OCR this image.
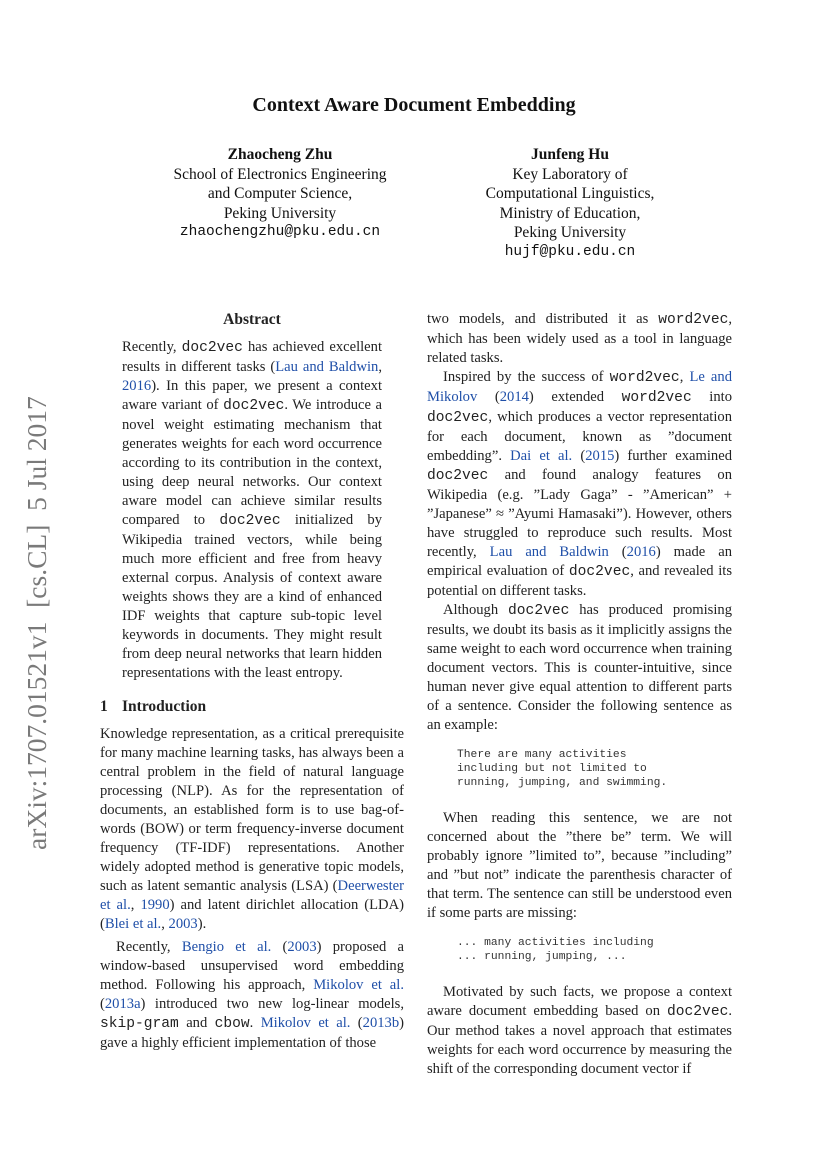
Context Aware Document Embedding
Zhaocheng Zhu
School of Electronics Engineering
and Computer Science,
Peking University
zhaochengzhu@pku.edu.cn
Junfeng Hu
Key Laboratory of
Computational Linguistics,
Ministry of Education,
Peking University
hujf@pku.edu.cn
arXiv:1707.01521v1  [cs.CL]  5 Jul 2017
Abstract
Recently, doc2vec has achieved excellent results in different tasks (Lau and Baldwin, 2016). In this paper, we present a context aware variant of doc2vec. We introduce a novel weight estimating mechanism that generates weights for each word occurrence according to its contribution in the context, using deep neural networks. Our context aware model can achieve similar results compared to doc2vec initialized by Wikipedia trained vectors, while being much more efficient and free from heavy external corpus. Analysis of context aware weights shows they are a kind of enhanced IDF weights that capture sub-topic level keywords in documents. They might result from deep neural networks that learn hidden representations with the least entropy.
1 Introduction

Knowledge representation, as a critical prerequisite for many machine learning tasks, has always been a central problem in the field of natural language processing (NLP). As for the representation of documents, an established form is to use bag-of-words (BOW) or term frequency-inverse document frequency (TF-IDF) representations. Another widely adopted method is generative topic models, such as latent semantic analysis (LSA) (Deerwester et al., 1990) and latent dirichlet allocation (LDA) (Blei et al., 2003).

Recently, Bengio et al. (2003) proposed a window-based unsupervised word embedding method. Following his approach, Mikolov et al. (2013a) introduced two new log-linear models, skip-gram and cbow. Mikolov et al. (2013b) gave a highly efficient implementation of those

two models, and distributed it as word2vec, which has been widely used as a tool in language related tasks.

Inspired by the success of word2vec, Le and Mikolov (2014) extended word2vec into doc2vec, which produces a vector representation for each document, known as ”document embedding”. Dai et al. (2015) further examined doc2vec and found analogy features on Wikipedia (e.g. ”Lady Gaga” - ”American” + ”Japanese” ≈ ”Ayumi Hamasaki”). However, others have struggled to reproduce such results. Most recently, Lau and Baldwin (2016) made an empirical evaluation of doc2vec, and revealed its potential on different tasks.

Although doc2vec has produced promising results, we doubt its basis as it implicitly assigns the same weight to each word occurrence when training document vectors. This is counter-intuitive, since human never give equal attention to different parts of a sentence. Consider the following sentence as an example:

There are many activities
including but not limited to
running, jumping, and swimming.

When reading this sentence, we are not concerned about the ”there be” term. We will probably ignore ”limited to”, because ”including” and ”but not” indicate the parenthesis character of that term. The sentence can still be understood even if some parts are missing:

... many activities including
... running, jumping, ...

Motivated by such facts, we propose a context aware document embedding based on doc2vec. Our method takes a novel approach that estimates weights for each word occurrence by measuring the shift of the corresponding document vector if
